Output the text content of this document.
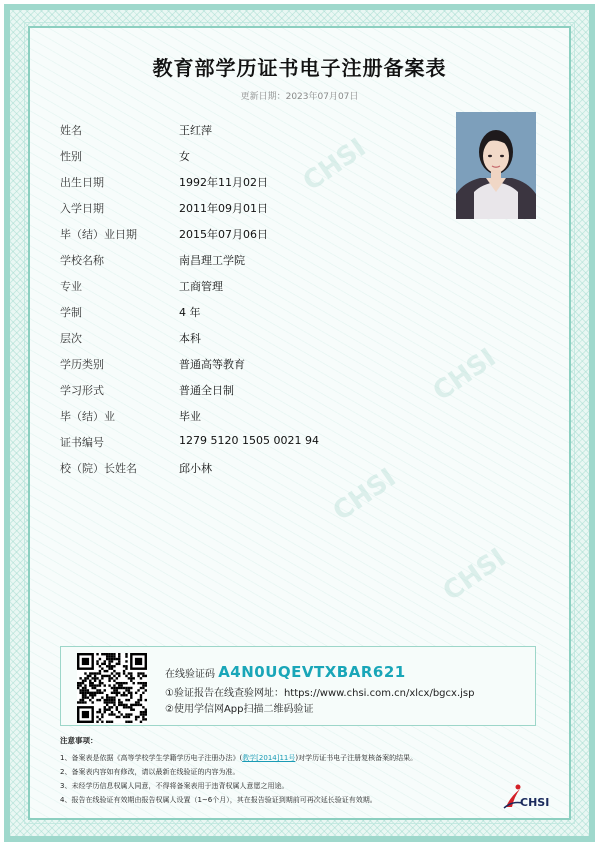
CHSI
CHSI
CHSI
CHSI
教育部学历证书电子注册备案表
更新日期：2023年07月07日
姓名	王红萍
性别	女
出生日期	1992年11月02日
入学日期	2011年09月01日
毕（结）业日期	2015年07月06日
学校名称	南昌理工学院
专业	工商管理
学制	4 年
层次	本科
学历类别	普通高等教育
学习形式	普通全日制
毕（结）业	毕业
证书编号	1279 5120 1505 0021 94
校（院）长姓名	邱小林
在线验证码 A4N0UQEVTXBAR621
①验证报告在线查验网址：https://www.chsi.com.cn/xlcx/bgcx.jsp
②使用学信网App扫描二维码验证
注意事项：
1、备案表是依据《高等学校学生学籍学历电子注册办法》(教学[2014]11号)对学历证书电子注册复核备案的结果。
2、备案表内容如有修改，请以最新在线验证的内容为准。
3、未经学历信息权属人同意，不得将备案表用于违背权属人意愿之用途。
4、报告在线验证有效期由报告权属人设置（1~6个月），其在报告验证到期前可再次延长验证有效期。	CHSI
